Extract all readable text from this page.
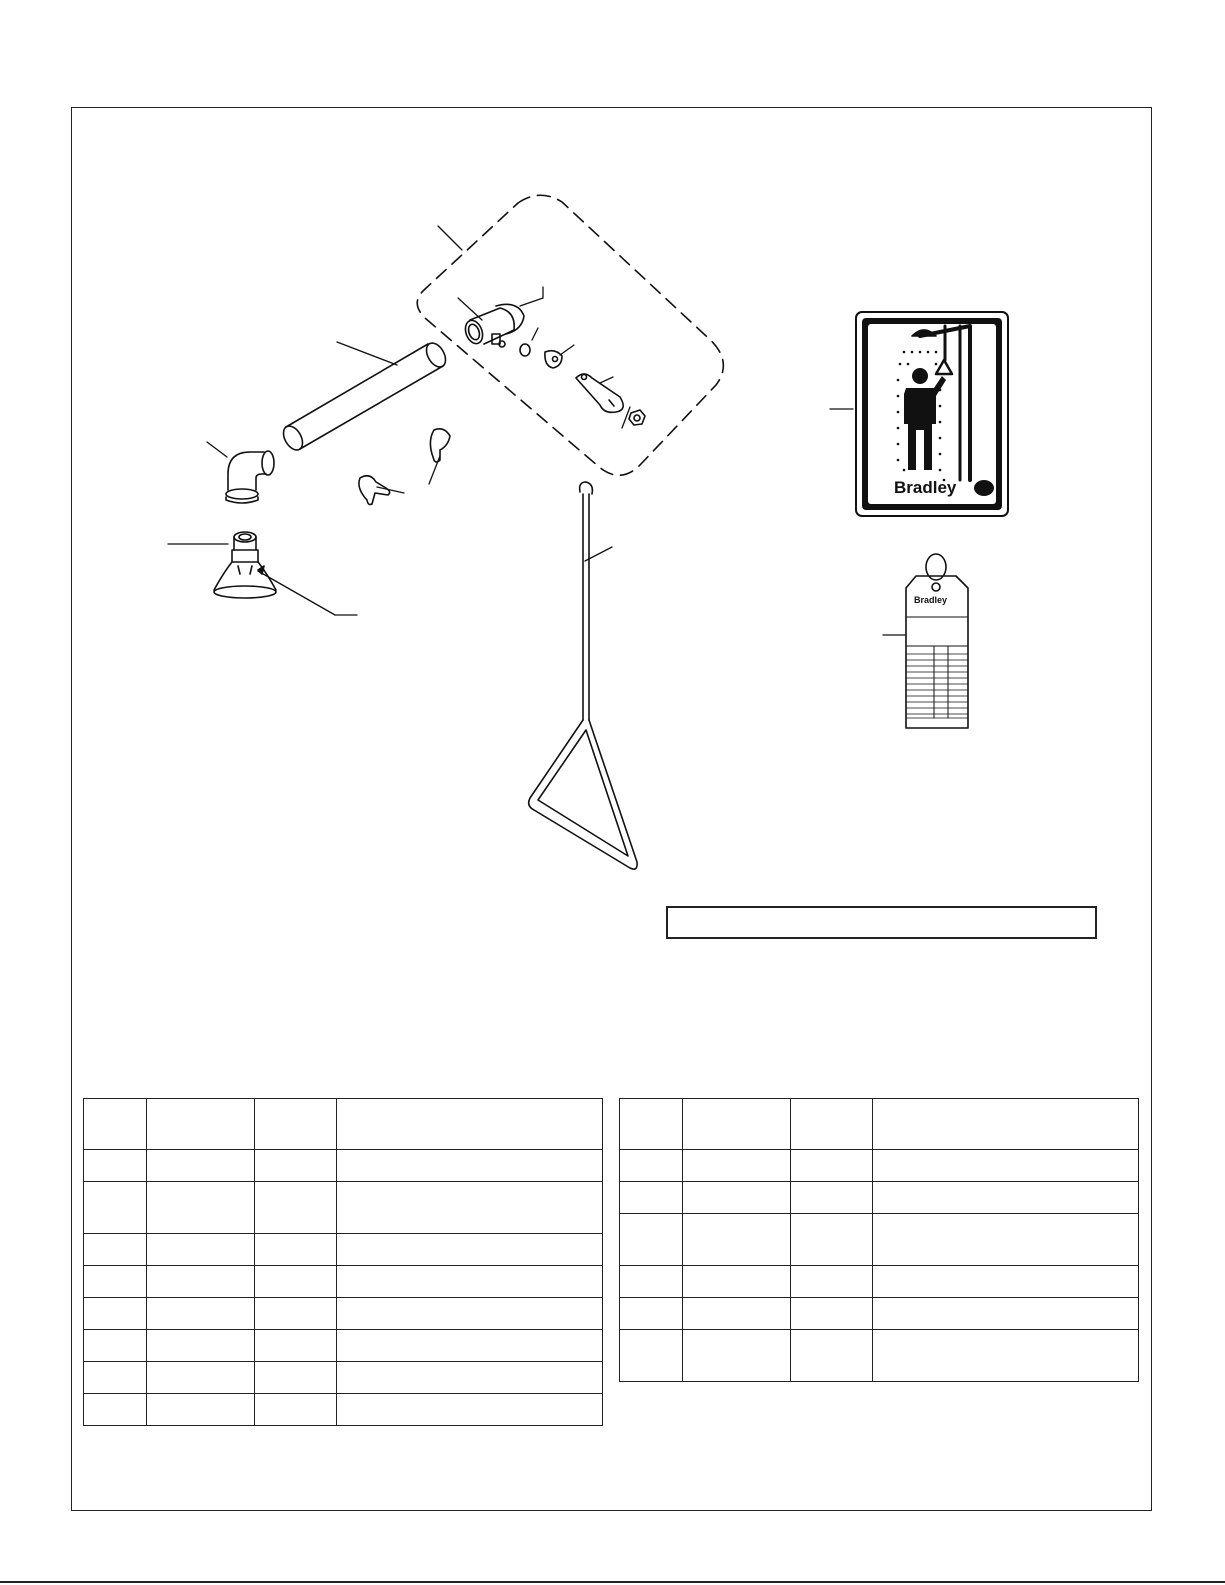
Bradley
Bradley
